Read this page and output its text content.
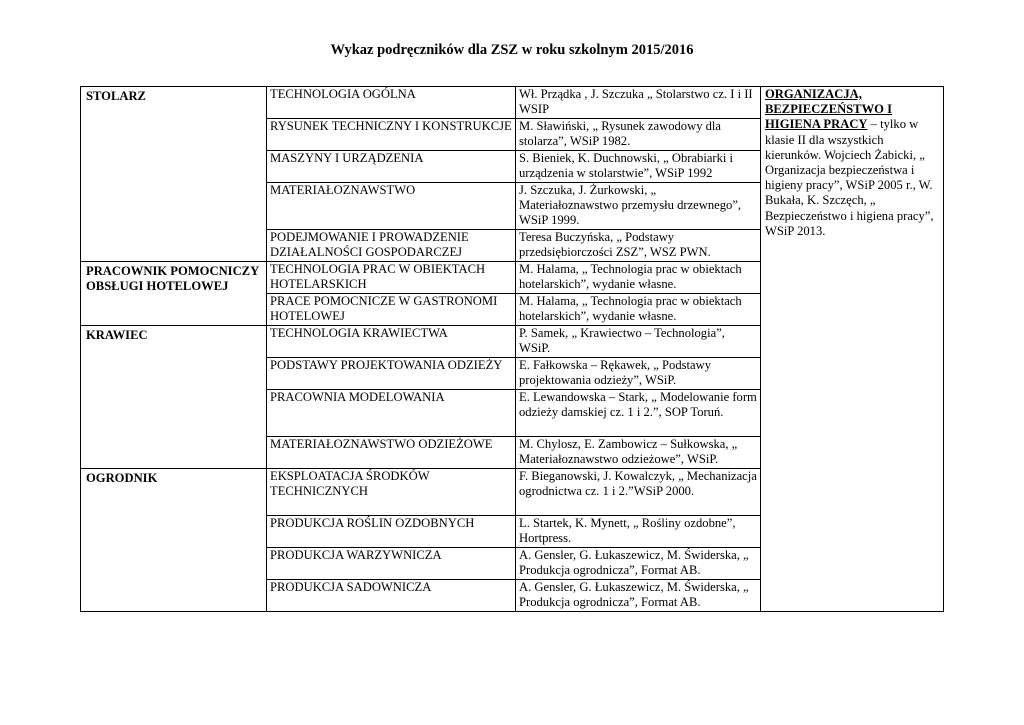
Wykaz podręczników dla ZSZ w roku szkolnym 2015/2016
STOLARZ	TECHNOLOGIA OGÓLNA	Wł. Prządka , J. Szczuka „ Stolarstwo cz. I i II WSIP	ORGANIZACJA, BEZPIECZEŃSTWO I HIGIENA PRACY – tylko w klasie II dla wszystkich kierunków. Wojciech Żabicki, „ Organizacja bezpieczeństwa i higieny pracy”, WSiP 2005 r., W. Bukała, K. Szczęch, „ Bezpieczeństwo i higiena pracy”, WSiP 2013.
	RYSUNEK TECHNICZNY I KONSTRUKCJE	M. Sławiński, „ Rysunek zawodowy dla stolarza”, WSiP 1982.	
	MASZYNY I URZĄDZENIA	S. Bieniek, K. Duchnowski, „ Obrabiarki i urządzenia w stolarstwie”, WSiP 1992	
	MATERIAŁOZNAWSTWO	J. Szczuka, J. Żurkowski, „ Materiałoznawstwo przemysłu drzewnego”, WSiP 1999.	
	PODEJMOWANIE I PROWADZENIE DZIAŁALNOŚCI GOSPODARCZEJ	Teresa Buczyńska, „ Podstawy przedsiębiorczości ZSZ”, WSZ PWN.	
PRACOWNIK POMOCNICZY OBSŁUGI HOTELOWEJ	TECHNOLOGIA PRAC W OBIEKTACH HOTELARSKICH	M. Halama, „ Technologia prac w obiektach hotelarskich”, wydanie własne.	
	PRACE POMOCNICZE W GASTRONOMI HOTELOWEJ	M. Halama, „ Technologia prac w obiektach hotelarskich”, wydanie własne.	
KRAWIEC	TECHNOLOGIA KRAWIECTWA	P. Samek, „ Krawiectwo – Technologia”, WSiP.	
	PODSTAWY PROJEKTOWANIA ODZIEŻY	E. Fałkowska – Rękawek, „ Podstawy projektowania odzieży”, WSiP.	
	PRACOWNIA MODELOWANIA	E. Lewandowska – Stark, „ Modelowanie form odzieży damskiej cz. 1 i 2.”, SOP Toruń.	
	MATERIAŁOZNAWSTWO ODZIEŻOWE	M. Chylosz, E. Zambowicz – Sułkowska, „ Materiałoznawstwo odzieżowe”, WSiP.	
OGRODNIK	EKSPLOATACJA ŚRODKÓW TECHNICZNYCH	F. Bieganowski, J. Kowalczyk, „ Mechanizacja ogrodnictwa cz. 1 i 2.”WSiP 2000.	
	PRODUKCJA ROŚLIN OZDOBNYCH	L. Startek, K. Mynett, „ Rośliny ozdobne”, Hortpress.	
	PRODUKCJA WARZYWNICZA	A. Gensler, G. Łukaszewicz, M. Świderska, „ Produkcja ogrodnicza”, Format AB.	
	PRODUKCJA SADOWNICZA	A. Gensler, G. Łukaszewicz, M. Świderska, „ Produkcja ogrodnicza”, Format AB.	
